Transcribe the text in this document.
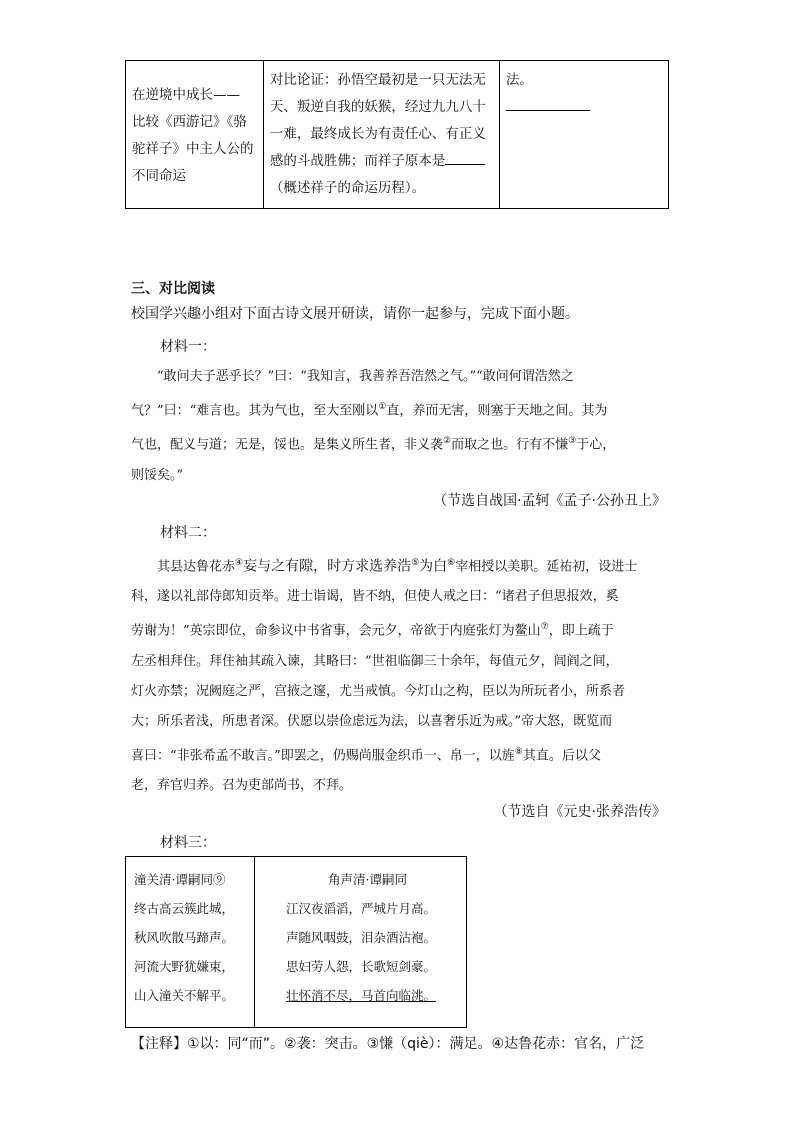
在逆境中成长——
比较《西游记》《骆
驼祥子》中主人公的
不同命运

对比论证：孙悟空最初是一只无法无
天、叛逆自我的妖猴，经过九九八十
一难，最终成长为有责任心、有正义
感的斗战胜佛；而祥子原本是
（概述祥子的命运历程）。

法。
三、对比阅读
校国学兴趣小组对下面古诗文展开研读，请你一起参与，完成下面小题。
材料一：

“敢问夫子恶乎长？”曰：“我知言，我善养吾浩然之气。”“敢问何谓浩然之

气？”曰：“难言也。其为气也，至大至刚以①直，养而无害，则塞于天地之间。其为
气也，配义与道；无是，馁也。是集义所生者，非义袭②而取之也。行有不慊③于心，
则馁矣。”
（节选自战国·孟轲《孟子·公孙丑上》
材料二：

其县达鲁花赤④妄与之有隙，时方求选养浩⑤为白⑥宰相授以美职。延祐初，设进士

科，遂以礼部侍郎知贡举。进士诣谒，皆不纳，但使人戒之曰：“诸君子但思报效，奚
劳谢为！”英宗即位，命参议中书省事，会元夕，帝欲于内庭张灯为鳌山⑦，即上疏于
左丞相拜住。拜住袖其疏入谏，其略曰：“世祖临御三十余年，每值元夕，闾阎之间，
灯火亦禁；况阙庭之严，宫掖之邃，尤当戒慎。今灯山之构，臣以为所玩者小，所系者
大；所乐者浅，所患者深。伏愿以崇俭虑远为法，以喜奢乐近为戒。”帝大怒，既览而
喜曰：“非张希孟不敢言。”即罢之，仍赐尚服金织币一、帛一，以旌⑧其直。后以父
老，弃官归养。召为吏部尚书，不拜。
（节选自《元史·张养浩传》
材料三：
潼关清·谭嗣同⑨
终古高云簇此城，
秋风吹散马蹄声。
河流大野犹嫌束，
山入潼关不解平。
角声清·谭嗣同
江汉夜滔滔，严城片月高。
声随风咽鼓，泪杂酒沾袍。
思妇劳人怨，长歌短剑豪。
壮怀消不尽，马首向临洮。
【注释】①以：同“而”。②袭：突击。③慊（qiè）：满足。④达鲁花赤：官名，广泛
